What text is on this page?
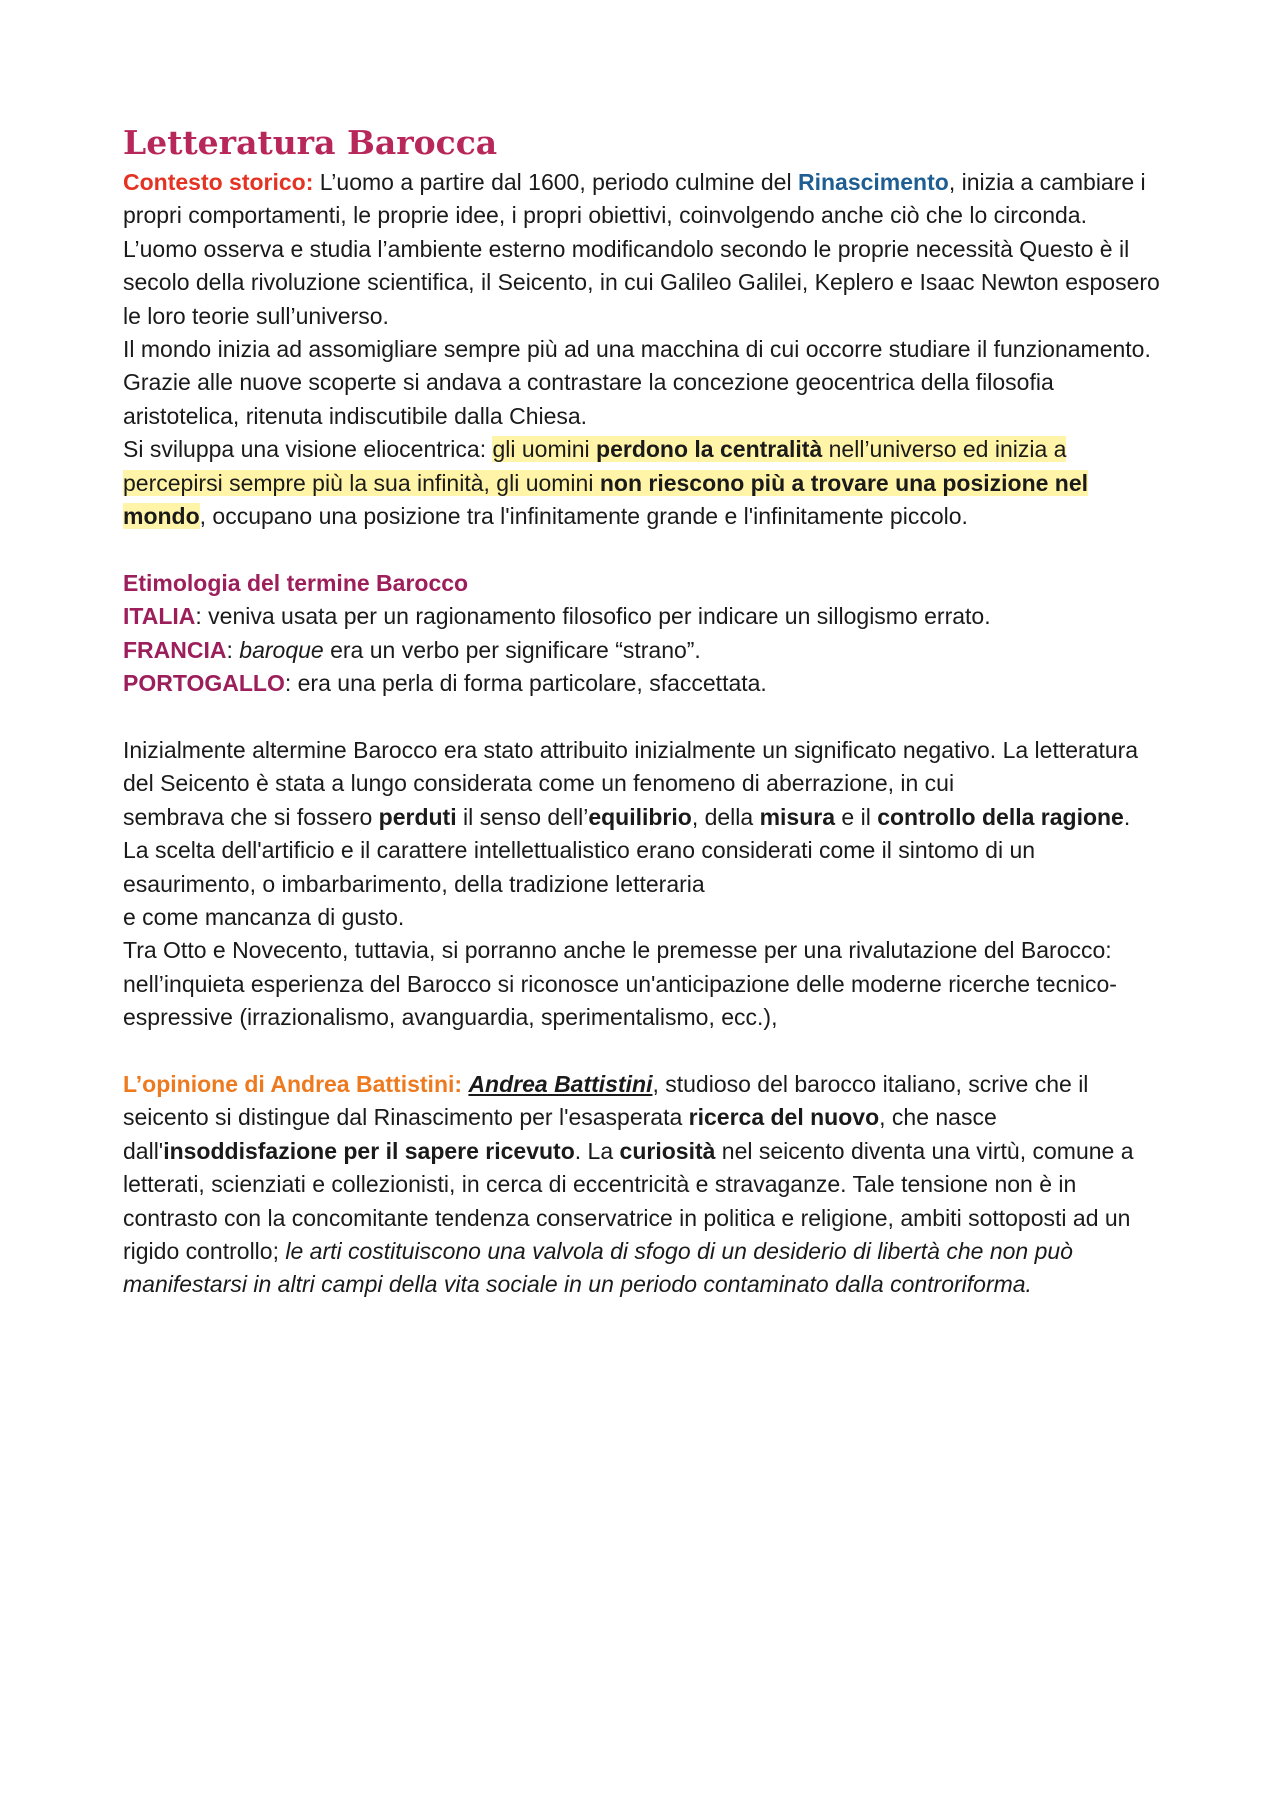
Letteratura Barocca

Contesto storico: L’uomo a partire dal 1600, periodo culmine del Rinascimento, inizia a cambiare i propri comportamenti, le proprie idee, i propri obiettivi, coinvolgendo anche ciò che lo circonda.

L’uomo osserva e studia l’ambiente esterno modificandolo secondo le proprie necessità Questo è il secolo della rivoluzione scientifica, il Seicento, in cui Galileo Galilei, Keplero e Isaac Newton esposero le loro teorie sull’universo.

Il mondo inizia ad assomigliare sempre più ad una macchina di cui occorre studiare il funzionamento.

Grazie alle nuove scoperte si andava a contrastare la concezione geocentrica della filosofia aristotelica, ritenuta indiscutibile dalla Chiesa.

Si sviluppa una visione eliocentrica: gli uomini perdono la centralità nell’universo ed inizia a percepirsi sempre più la sua infinità, gli uomini non riescono più a trovare una posizione nel mondo, occupano una posizione tra l'infinitamente grande e l'infinitamente piccolo.

Etimologia del termine Barocco

ITALIA: veniva usata per un ragionamento filosofico per indicare un sillogismo errato.

FRANCIA: baroque era un verbo per significare “strano”.

PORTOGALLO: era una perla di forma particolare, sfaccettata.

Inizialmente altermine Barocco era stato attribuito inizialmente un significato negativo. La letteratura del Seicento è stata a lungo considerata come un fenomeno di aberrazione, in cui

sembrava che si fossero perduti il senso dell’equilibrio, della misura e il controllo della ragione. La scelta dell'artificio e il carattere intellettualistico erano considerati come il sintomo di un esaurimento, o imbarbarimento, della tradizione letteraria

e come mancanza di gusto.

Tra Otto e Novecento, tuttavia, si porranno anche le premesse per una rivalutazione del Barocco: nell’inquieta esperienza del Barocco si riconosce un'anticipazione delle moderne ricerche tecnico-espressive (irrazionalismo, avanguardia, sperimentalismo, ecc.),

L’opinione di Andrea Battistini: Andrea Battistini, studioso del barocco italiano, scrive che il seicento si distingue dal Rinascimento per l'esasperata ricerca del nuovo, che nasce dall'insoddisfazione per il sapere ricevuto. La curiosità nel seicento diventa una virtù, comune a letterati, scienziati e collezionisti, in cerca di eccentricità e stravaganze. Tale tensione non è in contrasto con la concomitante tendenza conservatrice in politica e religione, ambiti sottoposti ad un rigido controllo; le arti costituiscono una valvola di sfogo di un desiderio di libertà che non può manifestarsi in altri campi della vita sociale in un periodo contaminato dalla controriforma.
